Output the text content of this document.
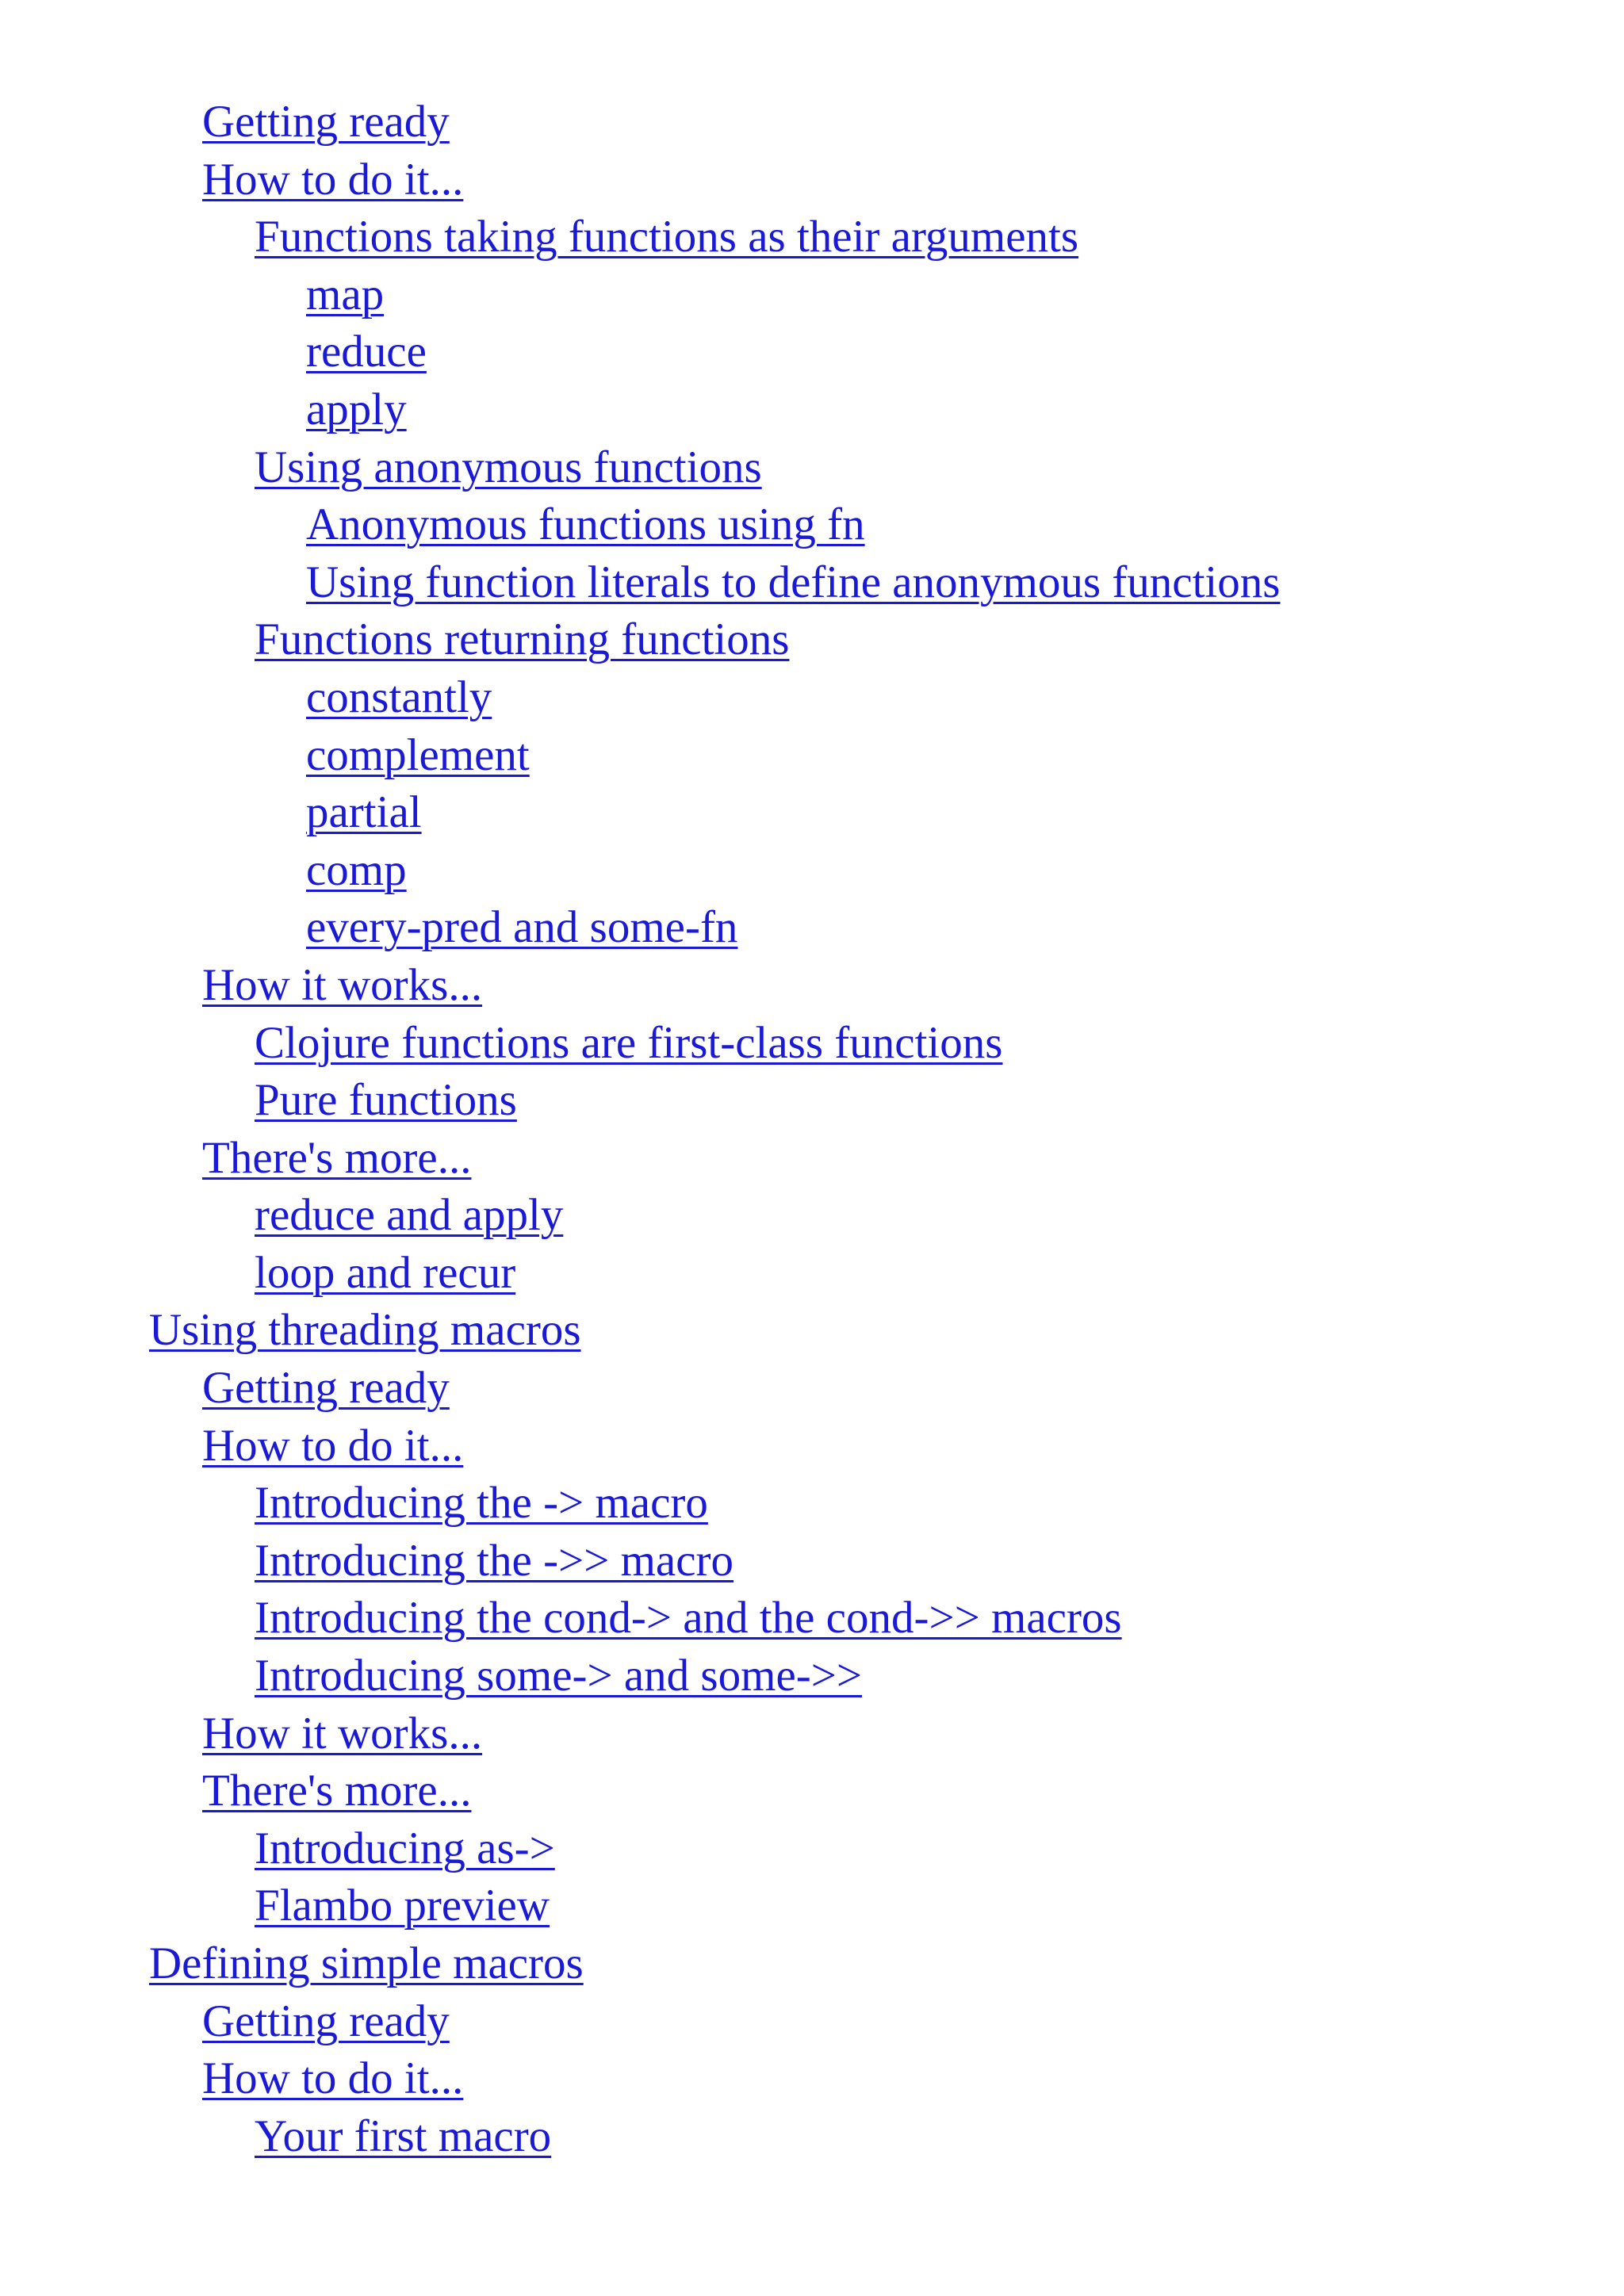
Getting ready
How to do it...
Functions taking functions as their arguments
map
reduce
apply
Using anonymous functions
Anonymous functions using fn
Using function literals to define anonymous functions
Functions returning functions
constantly
complement
partial
comp
every-pred and some-fn
How it works...
Clojure functions are first-class functions
Pure functions
There's more...
reduce and apply
loop and recur
Using threading macros
Getting ready
How to do it...
Introducing the -> macro
Introducing the ->> macro
Introducing the cond-> and the cond->> macros
Introducing some-> and some->>
How it works...
There's more...
Introducing as->
Flambo preview
Defining simple macros
Getting ready
How to do it...
Your first macro
